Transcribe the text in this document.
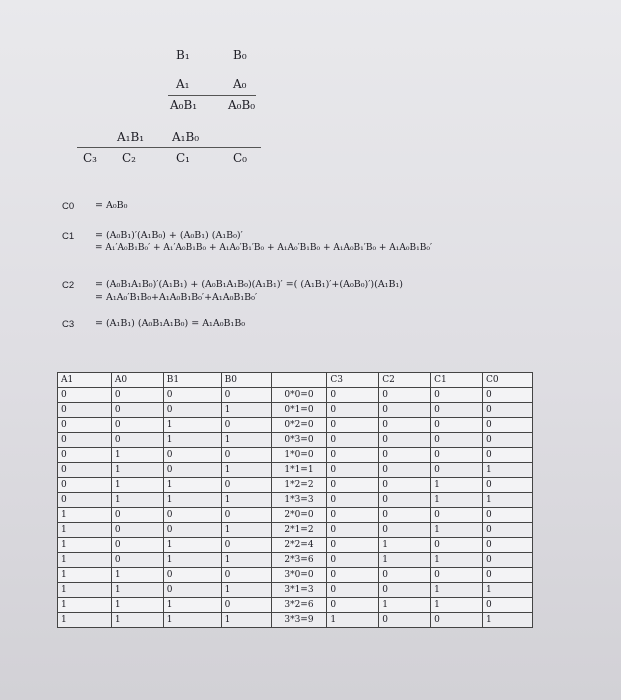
B₁	B₀
A₁	A₀
A₀B₁	A₀B₀
A₁B₁ A₁B₀
C₃ C₂	C₁	C₀
C0 = A₀B₀
C1 = (A₀B₁)′(A₁B₀) + (A₀B₁) (A₁B₀)′
= A₁′A₀B₁B₀′ + A₁′A₀B₁B₀ + A₁A₀′B₁′B₀ + A₁A₀′B₁B₀ + A₁A₀B₁′B₀ + A₁A₀B₁B₀′
C2 = (A₀B₁A₁B₀)′(A₁B₁) + (A₀B₁A₁B₀)(A₁B₁)′ =( (A₁B₁)′+(A₀B₀)′)(A₁B₁)
= A₁A₀′B₁B₀+A₁A₀B₁B₀′+A₁A₀B₁B₀′
C3 = (A₁B₁) (A₀B₁A₁B₀) = A₁A₀B₁B₀
A1	A0	B1	B0		C3	C2	C1	C0
0	0	0	0	0*0=0	0	0	0	0
0	0	0	1	0*1=0	0	0	0	0
0	0	1	0	0*2=0	0	0	0	0
0	0	1	1	0*3=0	0	0	0	0
0	1	0	0	1*0=0	0	0	0	0
0	1	0	1	1*1=1	0	0	0	1
0	1	1	0	1*2=2	0	0	1	0
0	1	1	1	1*3=3	0	0	1	1
1	0	0	0	2*0=0	0	0	0	0
1	0	0	1	2*1=2	0	0	1	0
1	0	1	0	2*2=4	0	1	0	0
1	0	1	1	2*3=6	0	1	1	0
1	1	0	0	3*0=0	0	0	0	0
1	1	0	1	3*1=3	0	0	1	1
1	1	1	0	3*2=6	0	1	1	0
1	1	1	1	3*3=9	1	0	0	1
